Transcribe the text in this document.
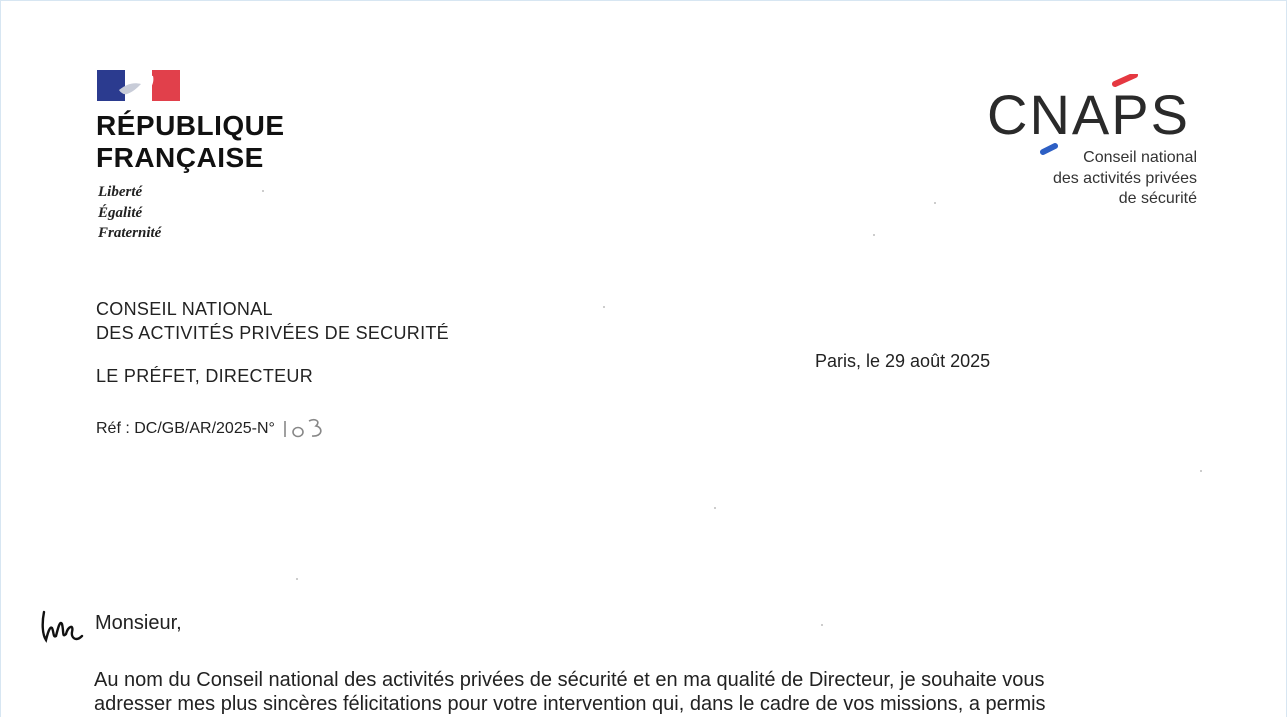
RÉPUBLIQUE
FRANÇAISE
Liberté
Égalité
Fraternité
CNAPS
Conseil national
des activités privées
de sécurité
CONSEIL NATIONAL
DES ACTIVITÉS PRIVÉES DE SECURITÉ
LE PRÉFET, DIRECTEUR
Réf : DC/GB/AR/2025-N°
Paris, le 29 août 2025
Monsieur,
Au nom du Conseil national des activités privées de sécurité et en ma qualité de Directeur, je souhaite vous
adresser mes plus sincères félicitations pour votre intervention qui, dans le cadre de vos missions, a permis
